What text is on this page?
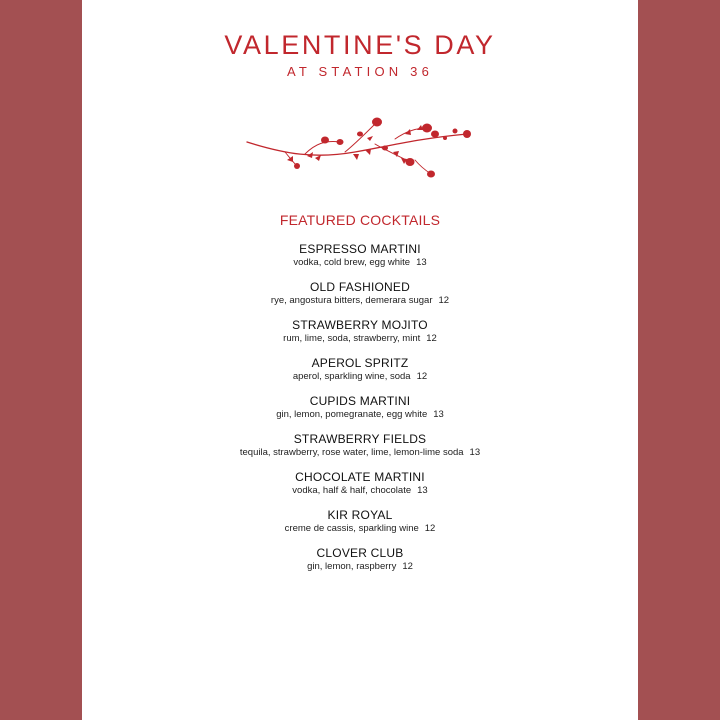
VALENTINE'S DAY
AT STATION 36
FEATURED COCKTAILS
ESPRESSO MARTINI
vodka, cold brew, egg white 13
OLD FASHIONED
rye, angostura bitters, demerara sugar 12
STRAWBERRY MOJITO
rum, lime, soda, strawberry, mint 12
APEROL SPRITZ
aperol, sparkling wine, soda 12
CUPIDS MARTINI
gin, lemon, pomegranate, egg white 13
STRAWBERRY FIELDS
tequila, strawberry, rose water, lime, lemon-lime soda 13
CHOCOLATE MARTINI
vodka, half & half, chocolate 13
KIR ROYAL
creme de cassis, sparkling wine 12
CLOVER CLUB
gin, lemon, raspberry 12
